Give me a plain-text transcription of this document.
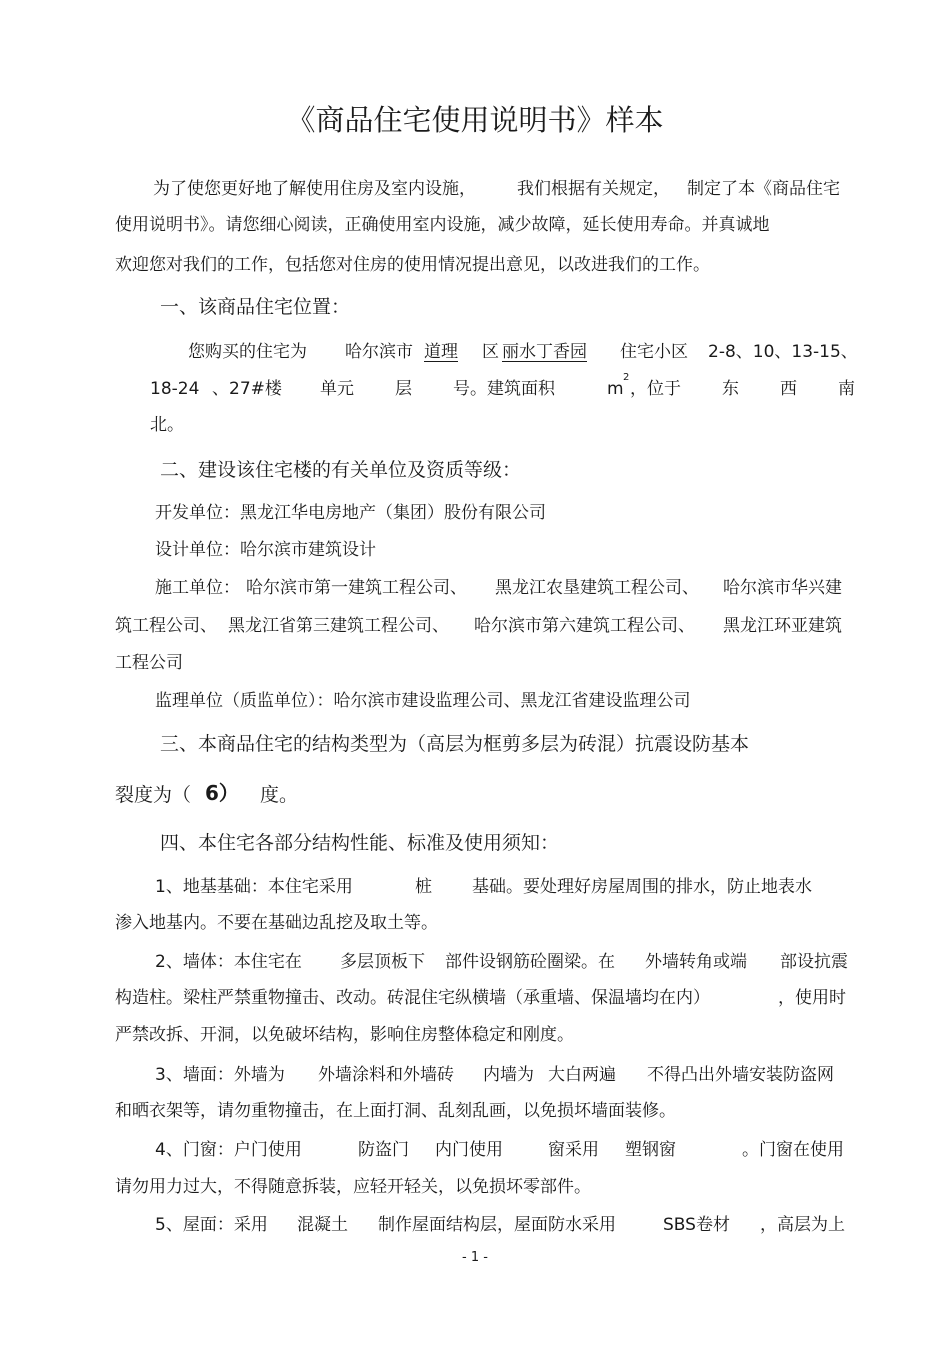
《商品住宅使用说明书》样本
为了使您更好地了解使用住房及室内设施， 我们根据有关规定， 制定了本《商品住宅
使用说明书》。请您细心阅读，正确使用室内设施，减少故障，延长使用寿命。并真诚地
欢迎您对我们的工作，包括您对住房的使用情况提出意见，以改进我们的工作。
一、该商品住宅位置：
您购买的住宅为 哈尔滨市 道理 区 丽水丁香园 住宅小区 2-8、10、13-15、
18-24 、27#楼 单元 层 号。建筑面积	m
2
，位于 东 西 南
北。
二、建设该住宅楼的有关单位及资质等级：
开发单位：黑龙江华电房地产（集团）股份有限公司
设计单位：哈尔滨市建筑设计
施工单位： 哈尔滨市第一建筑工程公司、 黑龙江农垦建筑工程公司、 哈尔滨市华兴建
筑工程公司、 黑龙江省第三建筑工程公司、 哈尔滨市第六建筑工程公司、 黑龙江环亚建筑
工程公司
监理单位（质监单位）：哈尔滨市建设监理公司、黑龙江省建设监理公司
三、本商品住宅的结构类型为（高层为框剪多层为砖混）抗震设防基本
裂度为（ 6） 度。
四、本住宅各部分结构性能、标准及使用须知：
1、地基基础：本住宅采用	桩 基础。要处理好房屋周围的排水，防止地表水
渗入地基内。不要在基础边乱挖及取土等。
2、墙体：本住宅在 多层顶板下 部件设钢筋砼圈梁。在 外墙转角或端 部设抗震
构造柱。梁柱严禁重物撞击、改动。砖混住宅纵横墙（承重墙、保温墙均在内）	，使用时
严禁改拆、开洞，以免破坏结构，影响住房整体稳定和刚度。
3、墙面：外墙为 外墙涂料和外墙砖 内墙为 大白两遍 不得凸出外墙安装防盗网
和晒衣架等，请勿重物撞击，在上面打洞、乱刻乱画，以免损坏墙面装修。
4、门窗：户门使用	防盗门 内门使用	窗采用 塑钢窗	。门窗在使用
请勿用力过大，不得随意拆装，应轻开轻关，以免损坏零部件。
5、屋面：采用 混凝土 制作屋面结构层，屋面防水采用	SBS卷材 ，高层为上
- 1 -
